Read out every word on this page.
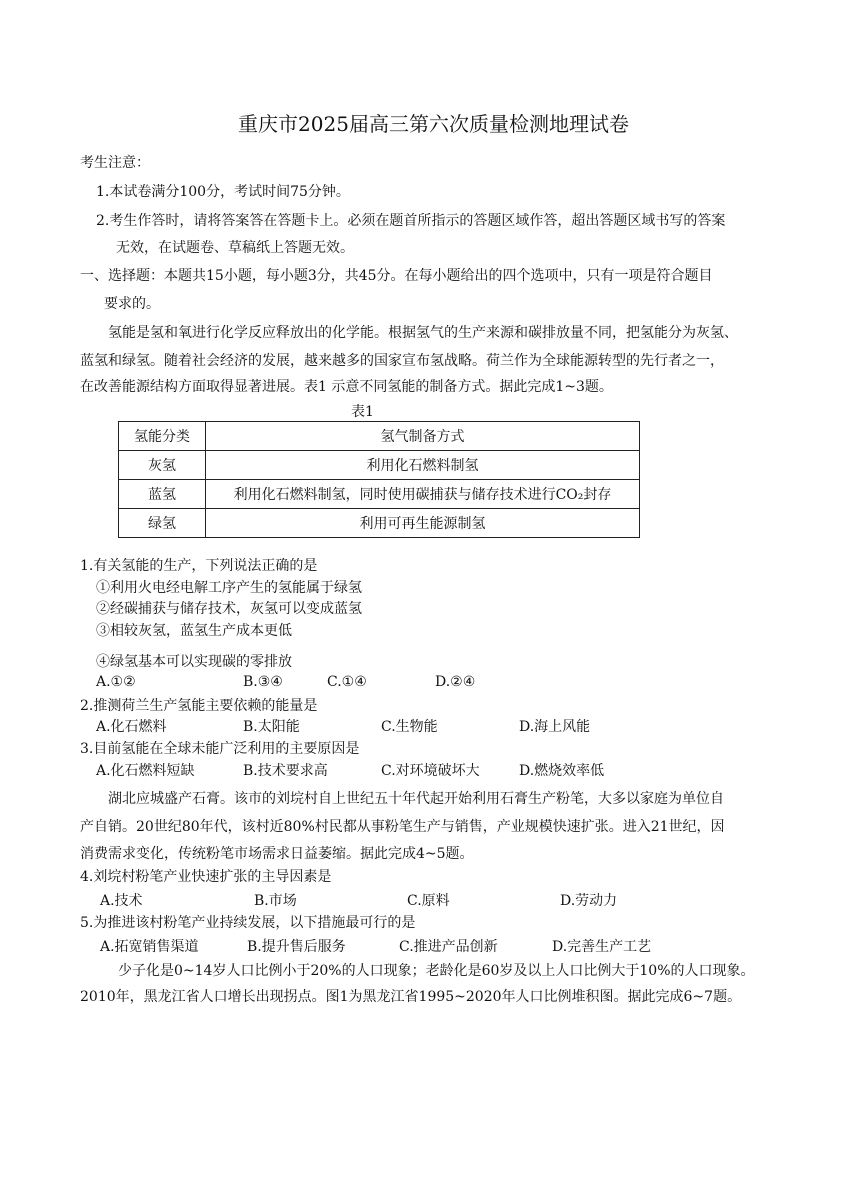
重庆市2025届高三第六次质量检测地理试卷
考生注意：
1.本试卷满分100分，考试时间75分钟。
2.考生作答时，请将答案答在答题卡上。必须在题首所指示的答题区域作答，超出答题区域书写的答案
无效，在试题卷、草稿纸上答题无效。
一、选择题：本题共15小题，每小题3分，共45分。在每小题给出的四个选项中，只有一项是符合题目
要求的。
氢能是氢和氧进行化学反应释放出的化学能。根据氢气的生产来源和碳排放量不同，把氢能分为灰氢、
蓝氢和绿氢。随着社会经济的发展，越来越多的国家宣布氢战略。荷兰作为全球能源转型的先行者之一，
在改善能源结构方面取得显著进展。表1 示意不同氢能的制备方式。据此完成1~3题。
表1
氢能分类	氢气制备方式
灰氢	利用化石燃料制氢
蓝氢	利用化石燃料制氢，同时使用碳捕获与储存技术进行CO₂封存
绿氢	利用可再生能源制氢
1.有关氢能的生产，下列说法正确的是
①利用火电经电解工序产生的氢能属于绿氢
②经碳捕获与储存技术，灰氢可以变成蓝氢
③相较灰氢，蓝氢生产成本更低
④绿氢基本可以实现碳的零排放
A.①②	B.③④	C.①④	D.②④
2.推测荷兰生产氢能主要依赖的能量是
A.化石燃料	B.太阳能	C.生物能	D.海上风能
3.目前氢能在全球未能广泛利用的主要原因是
A.化石燃料短缺	B.技术要求高	C.对环境破坏大	D.燃烧效率低
湖北应城盛产石膏。该市的刘垸村自上世纪五十年代起开始利用石膏生产粉笔，大多以家庭为单位自
产自销。20世纪80年代，该村近80%村民都从事粉笔生产与销售，产业规模快速扩张。进入21世纪，因
消费需求变化，传统粉笔市场需求日益萎缩。据此完成4~5题。
4.刘垸村粉笔产业快速扩张的主导因素是
A.技术	B.市场	C.原料	D.劳动力
5.为推进该村粉笔产业持续发展，以下措施最可行的是
A.拓宽销售渠道	B.提升售后服务	C.推进产品创新	D.完善生产工艺
少子化是0~14岁人口比例小于20%的人口现象；老龄化是60岁及以上人口比例大于10%的人口现象。
2010年，黑龙江省人口增长出现拐点。图1为黑龙江省1995~2020年人口比例堆积图。据此完成6~7题。
